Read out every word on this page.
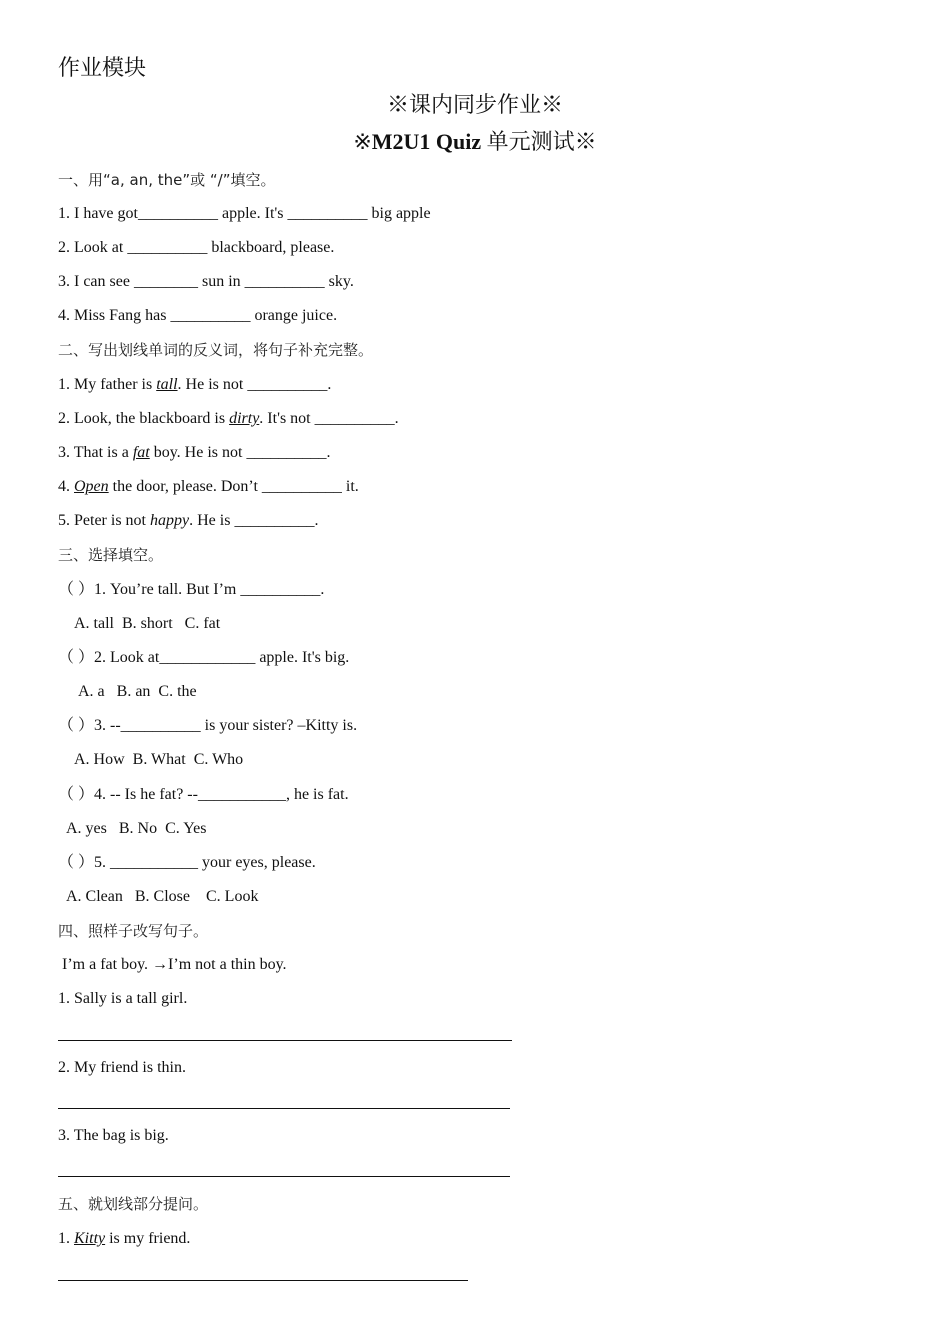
作业模块
※课内同步作业※
※M2U1 Quiz 单元测试※
一、用“a, an, the”或 “/”填空。
1. I have got__________ apple. It's __________ big apple
2. Look at __________ blackboard, please.
3. I can see ________ sun in __________ sky.
4. Miss Fang has __________ orange juice.
二、写出划线单词的反义词，将句子补充完整。
1. My father is tall. He is not __________.
2. Look, the blackboard is dirty. It's not __________.
3. That is a fat boy. He is not __________.
4. Open the door, please. Don’t __________ it.
5. Peter is not happy. He is __________.
三、选择填空。
（ ）1. You’re tall. But I’m __________.
A. tall  B. short   C. fat
（ ）2. Look at____________ apple. It's big.
A. a   B. an  C. the
（ ）3. --__________ is your sister? –Kitty is.
A. How  B. What  C. Who
（ ）4. -- Is he fat? --___________, he is fat.
A. yes   B. No  C. Yes
（ ）5. ___________ your eyes, please.
A. Clean   B. Close    C. Look
四、照样子改写句子。
I’m a fat boy. →I’m not a thin boy.
1. Sally is a tall girl.
2. My friend is thin.
3. The bag is big.
五、就划线部分提问。
1. Kitty is my friend.
